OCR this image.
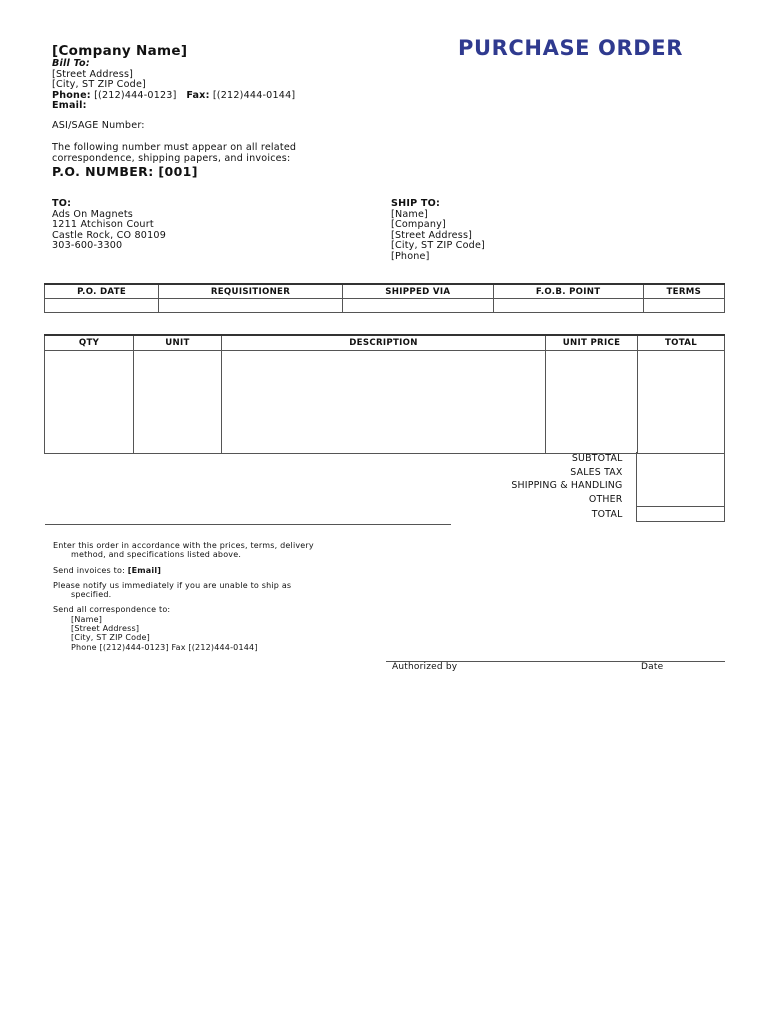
[Company Name]	PURCHASE ORDER
Bill To:
[Street Address]
[City, ST ZIP Code]
Phone: [(212)444-0123] Fax: [(212)444-0144]
Email:
ASI/SAGE Number:
The following number must appear on all related
correspondence, shipping papers, and invoices:
P.O. NUMBER: [001]
TO:
Ads On Magnets
1211 Atchison Court
Castle Rock, CO 80109
303-600-3300
SHIP TO:
[Name]
[Company]
[Street Address]
[City, ST ZIP Code]
[Phone]
P.O. DATE	REQUISITIONER	SHIPPED VIA	F.O.B. POINT	TERMS

QTY	UNIT	DESCRIPTION	UNIT PRICE	TOTAL

SUBTOTAL	
SALES TAX	
SHIPPING & HANDLING	
OTHER	
TOTAL	

Enter this order in accordance with the prices, terms, delivery
method, and specifications listed above.

Send invoices to: [Email]

Please notify us immediately if you are unable to ship as
specified.

Send all correspondence to:
[Name]
[Street Address]
[City, ST ZIP Code]
Phone [(212)444-0123] Fax [(212)444-0144]

Authorized by	Date
